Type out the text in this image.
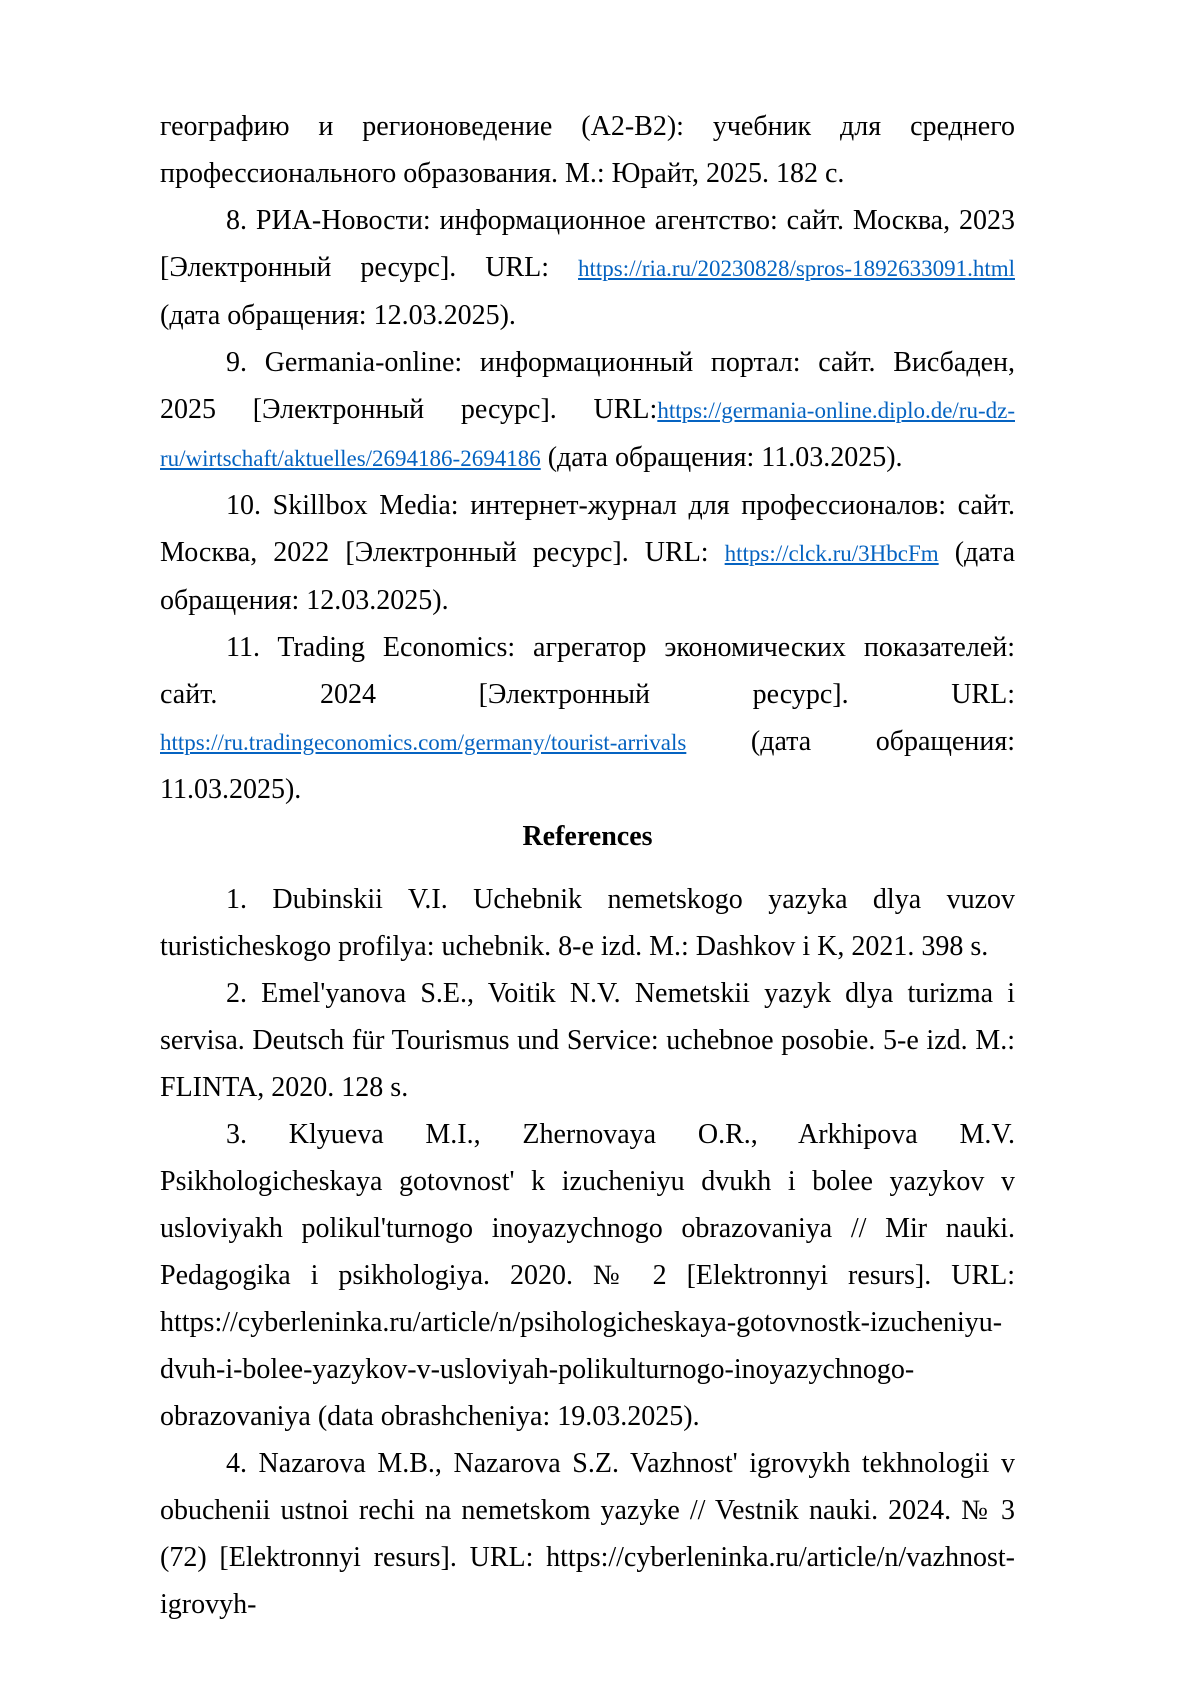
географию и регионоведение (А2-В2): учебник для среднего профессионального образования. М.: Юрайт, 2025. 182 с.

8. РИА-Новости: информационное агентство: сайт. Москва, 2023 [Электронный ресурс]. URL: https://ria.ru/20230828/spros-1892633091.html (дата обращения: 12.03.2025).

9. Germania-online: информационный портал: сайт. Висбаден, 2025 [Электронный ресурс]. URL:https://germania-online.diplo.de/ru-dz-ru/wirtschaft/aktuelles/2694186-2694186 (дата обращения: 11.03.2025).

10. Skillbox Media: интернет-журнал для профессионалов: сайт. Москва, 2022 [Электронный ресурс]. URL: https://clck.ru/3HbcFm (дата обращения: 12.03.2025).

11. Trading Economics: агрегатор экономических показателей: сайт. 2024 [Электронный ресурс]. URL: https://ru.tradingeconomics.com/germany/tourist-arrivals (дата обращения: 11.03.2025).

References

1. Dubinskii V.I. Uchebnik nemetskogo yazyka dlya vuzov turisticheskogo profilya: uchebnik. 8-e izd. M.: Dashkov i K, 2021. 398 s.

2. Emel'yanova S.E., Voitik N.V. Nemetskii yazyk dlya turizma i servisa. Deutsch für Tourismus und Service: uchebnoe posobie. 5-e izd. M.: FLINTA, 2020. 128 s.

3. Klyueva M.I., Zhernovaya O.R., Arkhipova M.V. Psikhologicheskaya gotovnost' k izucheniyu dvukh i bolee yazykov v usloviyakh polikul'turnogo inoyazychnogo obrazovaniya // Mir nauki. Pedagogika i psikhologiya. 2020. № 2 [Elektronnyi resurs]. URL: https://cyberleninka.ru/article/n/psihologicheskaya-gotovnostk-izucheniyu-dvuh-i-bolee-yazykov-v-usloviyah-polikulturnogo-inoyazychnogo-obrazovaniya (data obrashcheniya: 19.03.2025).

4. Nazarova M.B., Nazarova S.Z. Vazhnost' igrovykh tekhnologii v obuchenii ustnoi rechi na nemetskom yazyke // Vestnik nauki. 2024. № 3 (72) [Elektronnyi resurs]. URL: https://cyberleninka.ru/article/n/vazhnost-igrovyh-
